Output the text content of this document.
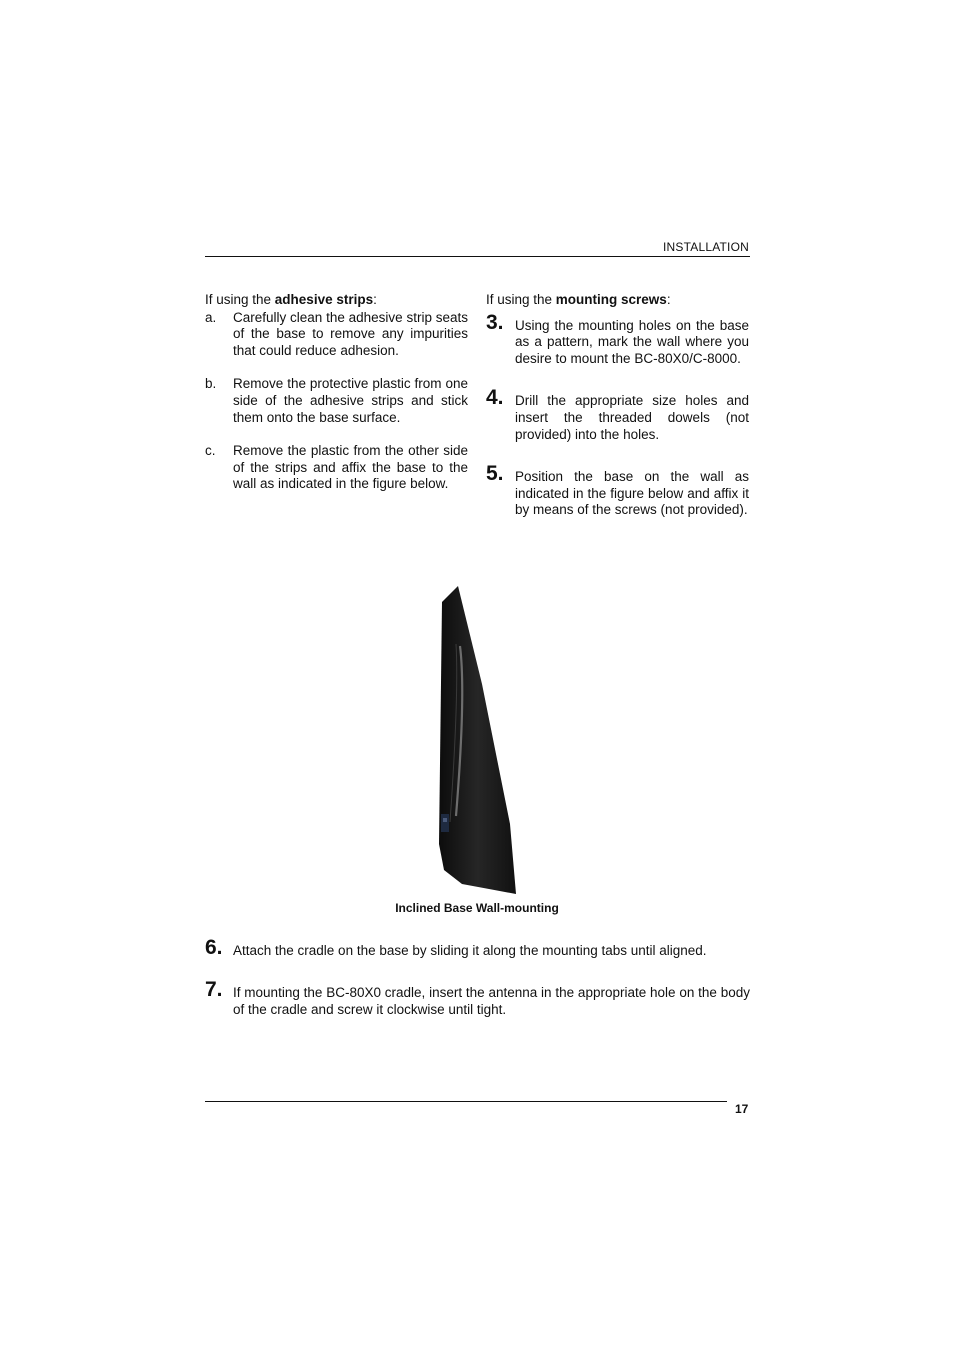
INSTALLATION
If using the adhesive strips:
a. Carefully clean the adhesive strip seats of the base to remove any impurities that could reduce adhesion.
b. Remove the protective plastic from one side of the adhesive strips and stick them onto the base surface.
c. Remove the plastic from the other side of the strips and affix the base to the wall as indicated in the figure below.
If using the mounting screws:
3. Using the mounting holes on the base as a pattern, mark the wall where you desire to mount the BC-80X0/C-8000.
4. Drill the appropriate size holes and insert the threaded dowels (not provided) into the holes.
5. Position the base on the wall as indicated in the figure below and affix it by means of the screws (not provided).
Inclined Base Wall-mounting
6. Attach the cradle on the base by sliding it along the mounting tabs until aligned.
7. If mounting the BC-80X0 cradle, insert the antenna in the appropriate hole on the body of the cradle and screw it clockwise until tight.
17
